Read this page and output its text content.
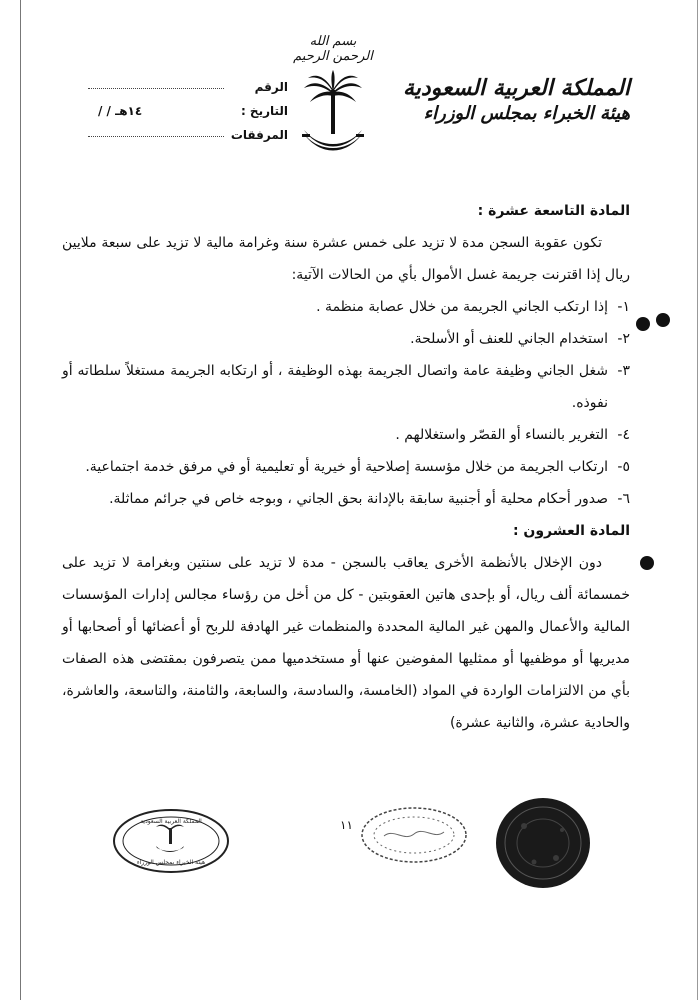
بسم الله الرحمن الرحيم
المملكة العربية السعودية
هيئة الخبراء بمجلس الوزراء
الرقم
التاريخ :
/ / ١٤هـ
المرفقات

المادة التاسعة عشرة :

تكون عقوبة السجن مدة لا تزيد على خمس عشرة سنة وغرامة مالية لا تزيد على سبعة ملايين ريال إذا اقترنت جريمة غسل الأموال بأي من الحالات الآتية:

١-
إذا ارتكب الجاني الجريمة من خلال عصابة منظمة .
٢-
استخدام الجاني للعنف أو الأسلحة.
٣-
شغل الجاني وظيفة عامة واتصال الجريمة بهذه الوظيفة ، أو ارتكابه الجريمة مستغلاً سلطاته أو نفوذه.
٤-
التغرير بالنساء أو القصّر واستغلالهم .
٥-
ارتكاب الجريمة من خلال مؤسسة إصلاحية أو خيرية أو تعليمية أو في مرفق خدمة اجتماعية.
٦-
صدور أحكام محلية أو أجنبية سابقة بالإدانة بحق الجاني ، وبوجه خاص في جرائم مماثلة.

المادة العشرون :

دون الإخلال بالأنظمة الأخرى يعاقب بالسجن - مدة لا تزيد على سنتين وبغرامة لا تزيد على خمسمائة ألف ريال، أو بإحدى هاتين العقوبتين - كل من أخل من رؤساء مجالس إدارات المؤسسات المالية والأعمال والمهن غير المالية المحددة والمنظمات غير الهادفة للربح أو أعضائها أو أصحابها أو مديريها أو موظفيها أو ممثليها المفوضين عنها أو مستخدميها ممن يتصرفون بمقتضى هذه الصفات بأي من الالتزامات الواردة في المواد (الخامسة، والسادسة، والسابعة، والثامنة، والتاسعة، والعاشرة، والحادية عشرة، والثانية عشرة)

١١
المملكة العربية السعودية
هيئة الخبراء بمجلس الوزراء
